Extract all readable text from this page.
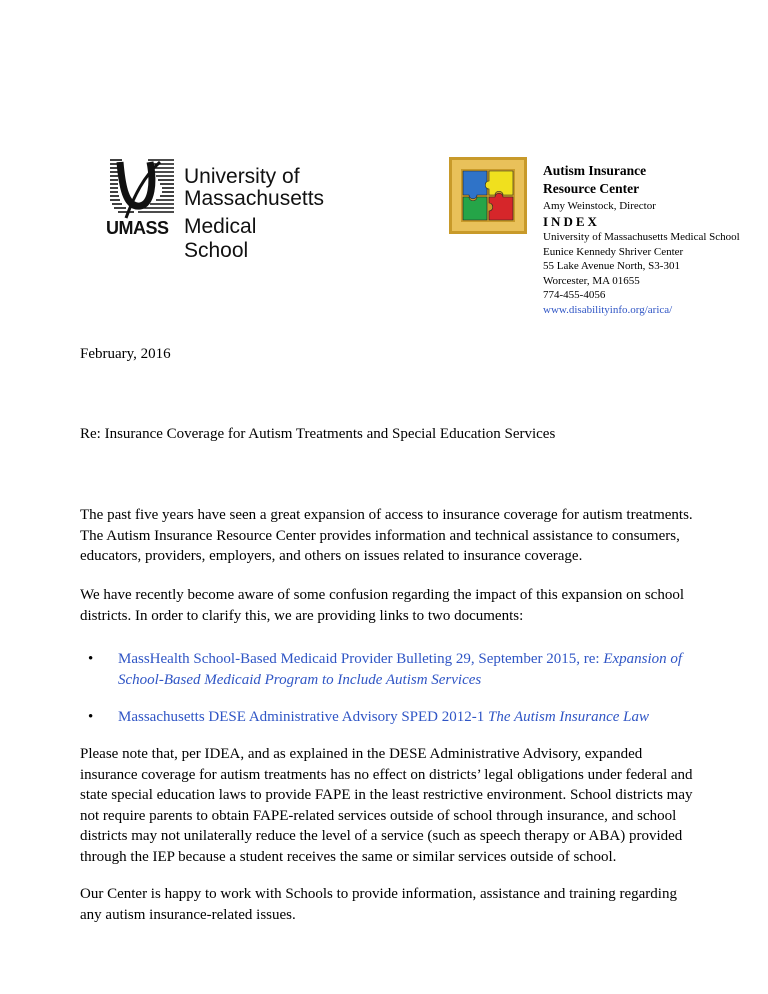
University of
Massachusetts
UMASS Medical School
Autism Insurance
Resource Center
Amy Weinstock, Director
INDEX
University of Massachusetts Medical School
Eunice Kennedy Shriver Center
55 Lake Avenue North, S3-301
Worcester, MA 01655
774-455-4056
www.disabilityinfo.org/arica/
February, 2016
Re: Insurance Coverage for Autism Treatments and Special Education Services
The past five years have seen a great expansion of access to insurance coverage for autism treatments. The Autism Insurance Resource Center provides information and technical assistance to consumers, educators, providers, employers, and others on issues related to insurance coverage.
We have recently become aware of some confusion regarding the impact of this expansion on school districts. In order to clarify this, we are providing links to two documents:
• MassHealth School-Based Medicaid Provider Bulleting 29, September 2015, re: Expansion of School-Based Medicaid Program to Include Autism Services
• Massachusetts DESE Administrative Advisory SPED 2012-1 The Autism Insurance Law
Please note that, per IDEA, and as explained in the DESE Administrative Advisory, expanded insurance coverage for autism treatments has no effect on districts’ legal obligations under federal and state special education laws to provide FAPE in the least restrictive environment. School districts may not require parents to obtain FAPE-related services outside of school through insurance, and school districts may not unilaterally reduce the level of a service (such as speech therapy or ABA) provided through the IEP because a student receives the same or similar services outside of school.
Our Center is happy to work with Schools to provide information, assistance and training regarding any autism insurance-related issues.
